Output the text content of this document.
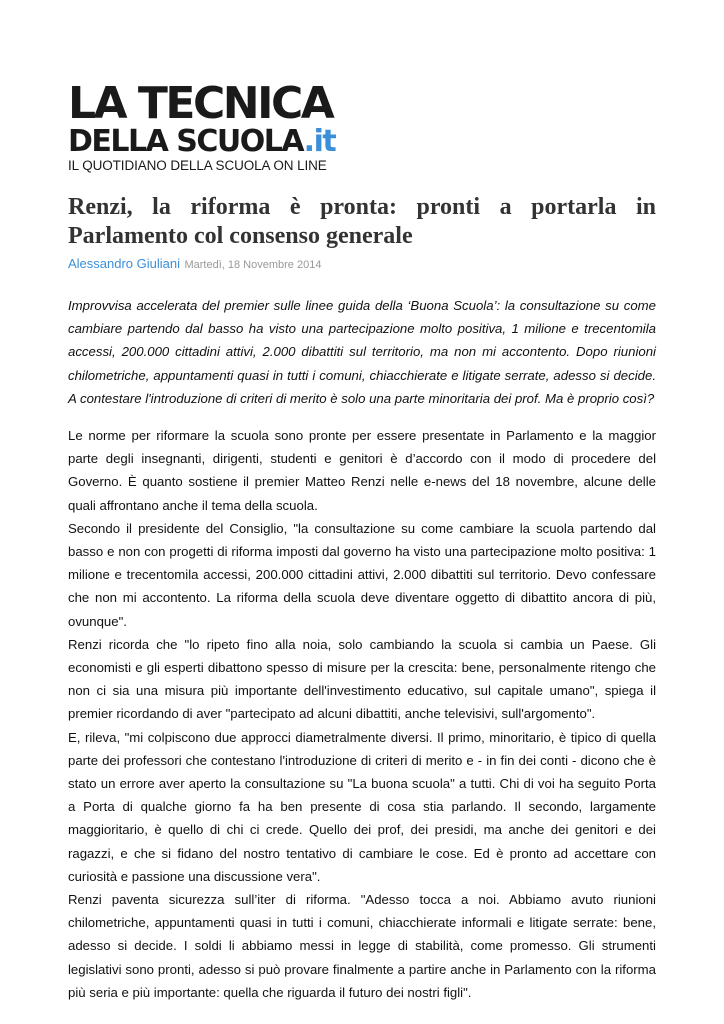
LA TECNICA
DELLA SCUOLA.it
IL QUOTIDIANO DELLA SCUOLA ON LINE
Renzi, la riforma è pronta: pronti a portarla in Parlamento col consenso generale
Alessandro Giuliani Martedì, 18 Novembre 2014

Improvvisa accelerata del premier sulle linee guida della ‘Buona Scuola’: la consultazione su come cambiare partendo dal basso ha visto una partecipazione molto positiva, 1 milione e trecentomila accessi, 200.000 cittadini attivi, 2.000 dibattiti sul territorio, ma non mi accontento. Dopo riunioni chilometriche, appuntamenti quasi in tutti i comuni, chiacchierate e litigate serrate, adesso si decide. A contestare l'introduzione di criteri di merito è solo una parte minoritaria dei prof. Ma è proprio così?

Le norme per riformare la scuola sono pronte per essere presentate in Parlamento e la maggior parte degli insegnanti, dirigenti, studenti e genitori è d’accordo con il modo di procedere del Governo. È quanto sostiene il premier Matteo Renzi nelle e-news del 18 novembre, alcune delle quali affrontano anche il tema della scuola.

Secondo il presidente del Consiglio, "la consultazione su come cambiare la scuola partendo dal basso e non con progetti di riforma imposti dal governo ha visto una partecipazione molto positiva: 1 milione e trecentomila accessi, 200.000 cittadini attivi, 2.000 dibattiti sul territorio. Devo confessare che non mi accontento. La riforma della scuola deve diventare oggetto di dibattito ancora di più, ovunque".

Renzi ricorda che "lo ripeto fino alla noia, solo cambiando la scuola si cambia un Paese. Gli economisti e gli esperti dibattono spesso di misure per la crescita: bene, personalmente ritengo che non ci sia una misura più importante dell'investimento educativo, sul capitale umano", spiega il premier ricordando di aver "partecipato ad alcuni dibattiti, anche televisivi, sull'argomento".

E, rileva, "mi colpiscono due approcci diametralmente diversi. Il primo, minoritario, è tipico di quella parte dei professori che contestano l'introduzione di criteri di merito e - in fin dei conti - dicono che è stato un errore aver aperto la consultazione su "La buona scuola" a tutti. Chi di voi ha seguito Porta a Porta di qualche giorno fa ha ben presente di cosa stia parlando. Il secondo, largamente maggioritario, è quello di chi ci crede. Quello dei prof, dei presidi, ma anche dei genitori e dei ragazzi, e che si fidano del nostro tentativo di cambiare le cose. Ed è pronto ad accettare con curiosità e passione una discussione vera".

Renzi paventa sicurezza sull’iter di riforma. "Adesso tocca a noi. Abbiamo avuto riunioni chilometriche, appuntamenti quasi in tutti i comuni, chiacchierate informali e litigate serrate: bene, adesso si decide. I soldi li abbiamo messi in legge di stabilità, come promesso. Gli strumenti legislativi sono pronti, adesso si può provare finalmente a partire anche in Parlamento con la riforma più seria e più importante: quella che riguarda il futuro dei nostri figli".
